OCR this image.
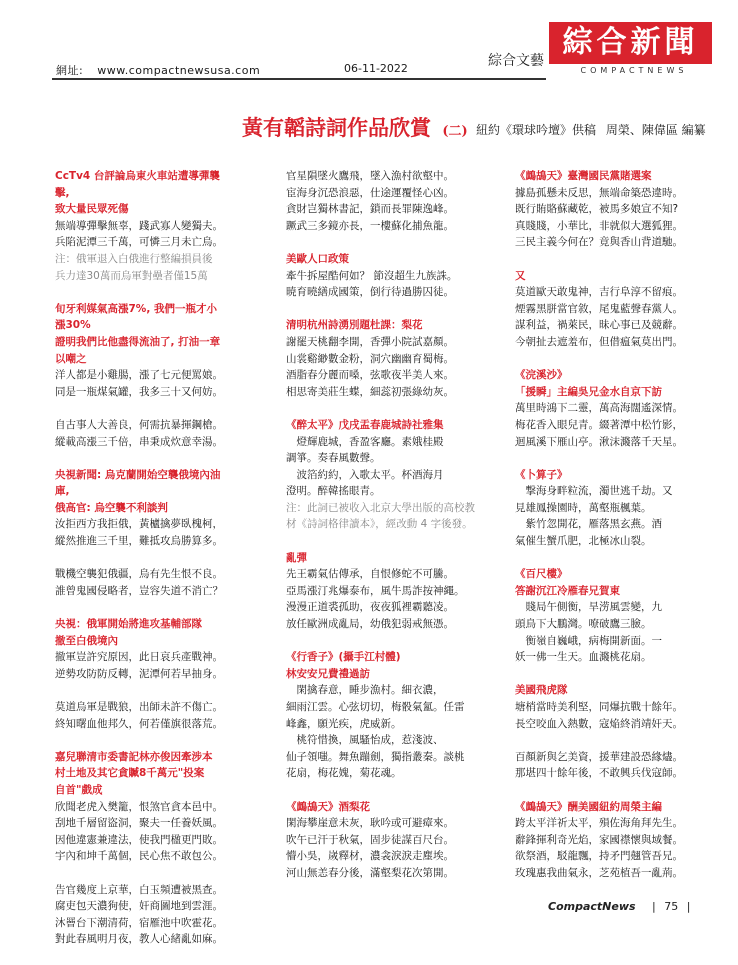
綜合文藝
綜合新聞
COMPACTNEWS
網址: www.compactnewsusa.com	06-11-2022
黃有韜詩詞作品欣賞 (二) 紐約《環球吟壇》供稿 周榮、陳偉區 編纂
CcTv4 台評論烏東火車站遭導彈襲擊,
致大量民眾死傷
無端導彈擊無辜，踐武寡人變獨夫。
兵陷泥潭三千萬，可憐三月未亡烏。
注：俄軍退入白俄進行整編損員後
兵力達30萬而烏軍對壘者僅15萬
旬牙利媒氣高漲7%, 我們一瓶才小漲30%
證明我們比他盡得流油了, 打油一章以嘲之
洋人都是小雞腸，漲了七元便罵娘。
同是一瓶煤氣罐，我多三十又何妨。
自古事人大善良，何需抗暴揮鋼槍。
縱載高漲三千倍，串秉成炊意幸湯。
央視新聞: 烏克蘭開始空襲俄境內油庫,
俄高官: 烏空襲不利談判
汝拒西方我拒俄，黃櫨擒夢臥槐柯，
縱然推進三千里，難抵攻烏勝算多。
戰機空襲犯俄疆，烏有先生恨不良。
誰曾鬼國侵略者，豈容失道不消亡？
央視：俄軍開始將進攻基輔部隊
撤至白俄境內
撤軍豈許究原因，此日哀兵產戰神。
逆勢攻防防反轉，泥潭何若早抽身。
莫道烏軍是戰狼，出師未許不傷亡。
終知曙血他邦久，何若僅旗很落荒。
嘉兒聯清市委書記林亦俊因牽涉本
村土地及其它貪贓8千萬元"投案
自首"戲成
欣聞老虎入樊籠，恨煞官貪本邑中。
刮地千層留盜洞，聚夫一任養妖風。
因他違憲兼違法，使我門楹更門敗。
宇內和坤千萬個，民心焦不敢包公。
告官幾度上京華，白玉頻遭被黑查。
腐吏包天濃狗使，奸商圖地到雲涯。
沐罾台下潮清荷，宿雁池中吹霍花。
對此春風明月夜，教人心緒亂如麻。
官星隕墜火鷹飛，墜入漁村欲壑中。
宦海身沉恐浪惡，仕途運覆怪心凶。
貪財岂獨林書記，鎖而長罪陳逸峰。
蹶武三多鏡亦長，一樓蘇化捕魚龍。
美歐人口政策
牽牛拆屋酷何如？ 節沒超生九族誅。
暁育曉繕成國策，倒行待過勝囚徒。
清明杭州詩湧別題杜課：梨花
謝罷天桃翻李開，香彈小院試嘉顏。
山裳谿緲數金粉，洞穴幽幽育蜀梅。
酒脂春分麗而嗓，弦歌夜半美人來。
相思寄美莊生蝶，細蕊初張綠幼灰。
《醉太平》戊戌盂春鹿城詩社雅集
　燈輝鹿城，香盈客廳。素娥桂殿
調箏。奏春風數聲。
　波箔約約，入歌太平。杯酒海月
澄明。醉韓搖眼青。
注：此詞已被收入北京大學出版的高校教
材《詩詞格律讀本》，經改動 4 字後發。
亂彈
先王霸氣估傳承，自恨修蛇不可騰。
亞馬漲汀兆爆泰布，風牛馬詐按神繩。
漫漫正道裘孤助，夜夜狐裡霸聽凌。
放任歐洲成亂局，幼俄犯弱戒無憑。
《行香子》(攝手江村體)
林安安兄費禮過訪
　閑擒春意，睡步漁村。細衣濃，
細雨江雲。心弦切切，梅骰氣氳。任雷
峰鑫，願光疾，虎威新。
　桃符惜換，風騷怡成，惹淺波、
仙子領嗤。舞魚蹦劍，獨指叢秦。談桃
花扇，梅花媿，菊花魂。
《鷓鴣天》酒梨花
閑海攀崖意未灰，耿吟或可避瘴來。
吹午已汗于秋氣，固步徒謀百尺台。
懵小吳，嵗釋材，濃衾淚淚走塵埃。
河山無恙春分後，滿壑梨花次第開。
《鷓鴣天》臺灣國民黨賭選案
據島孤懸未反思，無端命築恐違時。
既行賄賂蘇藏乾，被馬多娘宣不知?
真賤賤，小華比，非就似大選狐狸。
三民主義今何在？竟與香山背道馳。
又
莫道歐天敢鬼神，吉行阜淳不留痕。
煙霧黑胼當官敘，尾鬼藍聲春黨人。
謀利益，禍萊民，昧心事已及競辭。
今朝扯去遮羞布，但借瘟氣莫出門。
《浣溪沙》
「援瞬」主編吳兄金水自京下訪
萬里時鴻下二靈，萬高海闊遙深情。
梅花香入眼兒青。綴著潭中松竹影，
迴風溪下雁山亭。湫沫濺落千天星。
《卜算子》
　撃海身畔粒流，濁世逃千劫。又
見雄鳳操園時，萬壑瓶楓葉。
　紫竹忽開花，雁落黑玄燕。酒
氣催生蟹爪肥，北極冰山裂。
《百尺樓》
答謝沉江冷雁春兄賀東
　賤局午側衡，旱涝風雲變，九
頭鳥下大鵬灣。嘹破鷹三臉。
　衡嶺自巍峨，病梅開新面。一
妖一佛一生天。血濺桃花扇。
美國飛虎隊
塘梢當時美利堅，同爆抗戰十餘年。
長空咬血入熱數，寇焔終消靖奸天。
百顏新與乞美資，援華建設恐緣燼。
那堪四十餘年後，不敢興兵伐寇師。
《鷓鴣天》酬美國紐約周榮主編
跨太平洋祈太平，殞佐海角拜先生。
辭鋒揮利奇光焰，家國襟懷與域餐。
欲祭酒，駁龍飄，持矛門翹管吾兄。
玫瑰惠我曲氣永，芝苑植吾一亂荊。
CompactNews | 75 |
